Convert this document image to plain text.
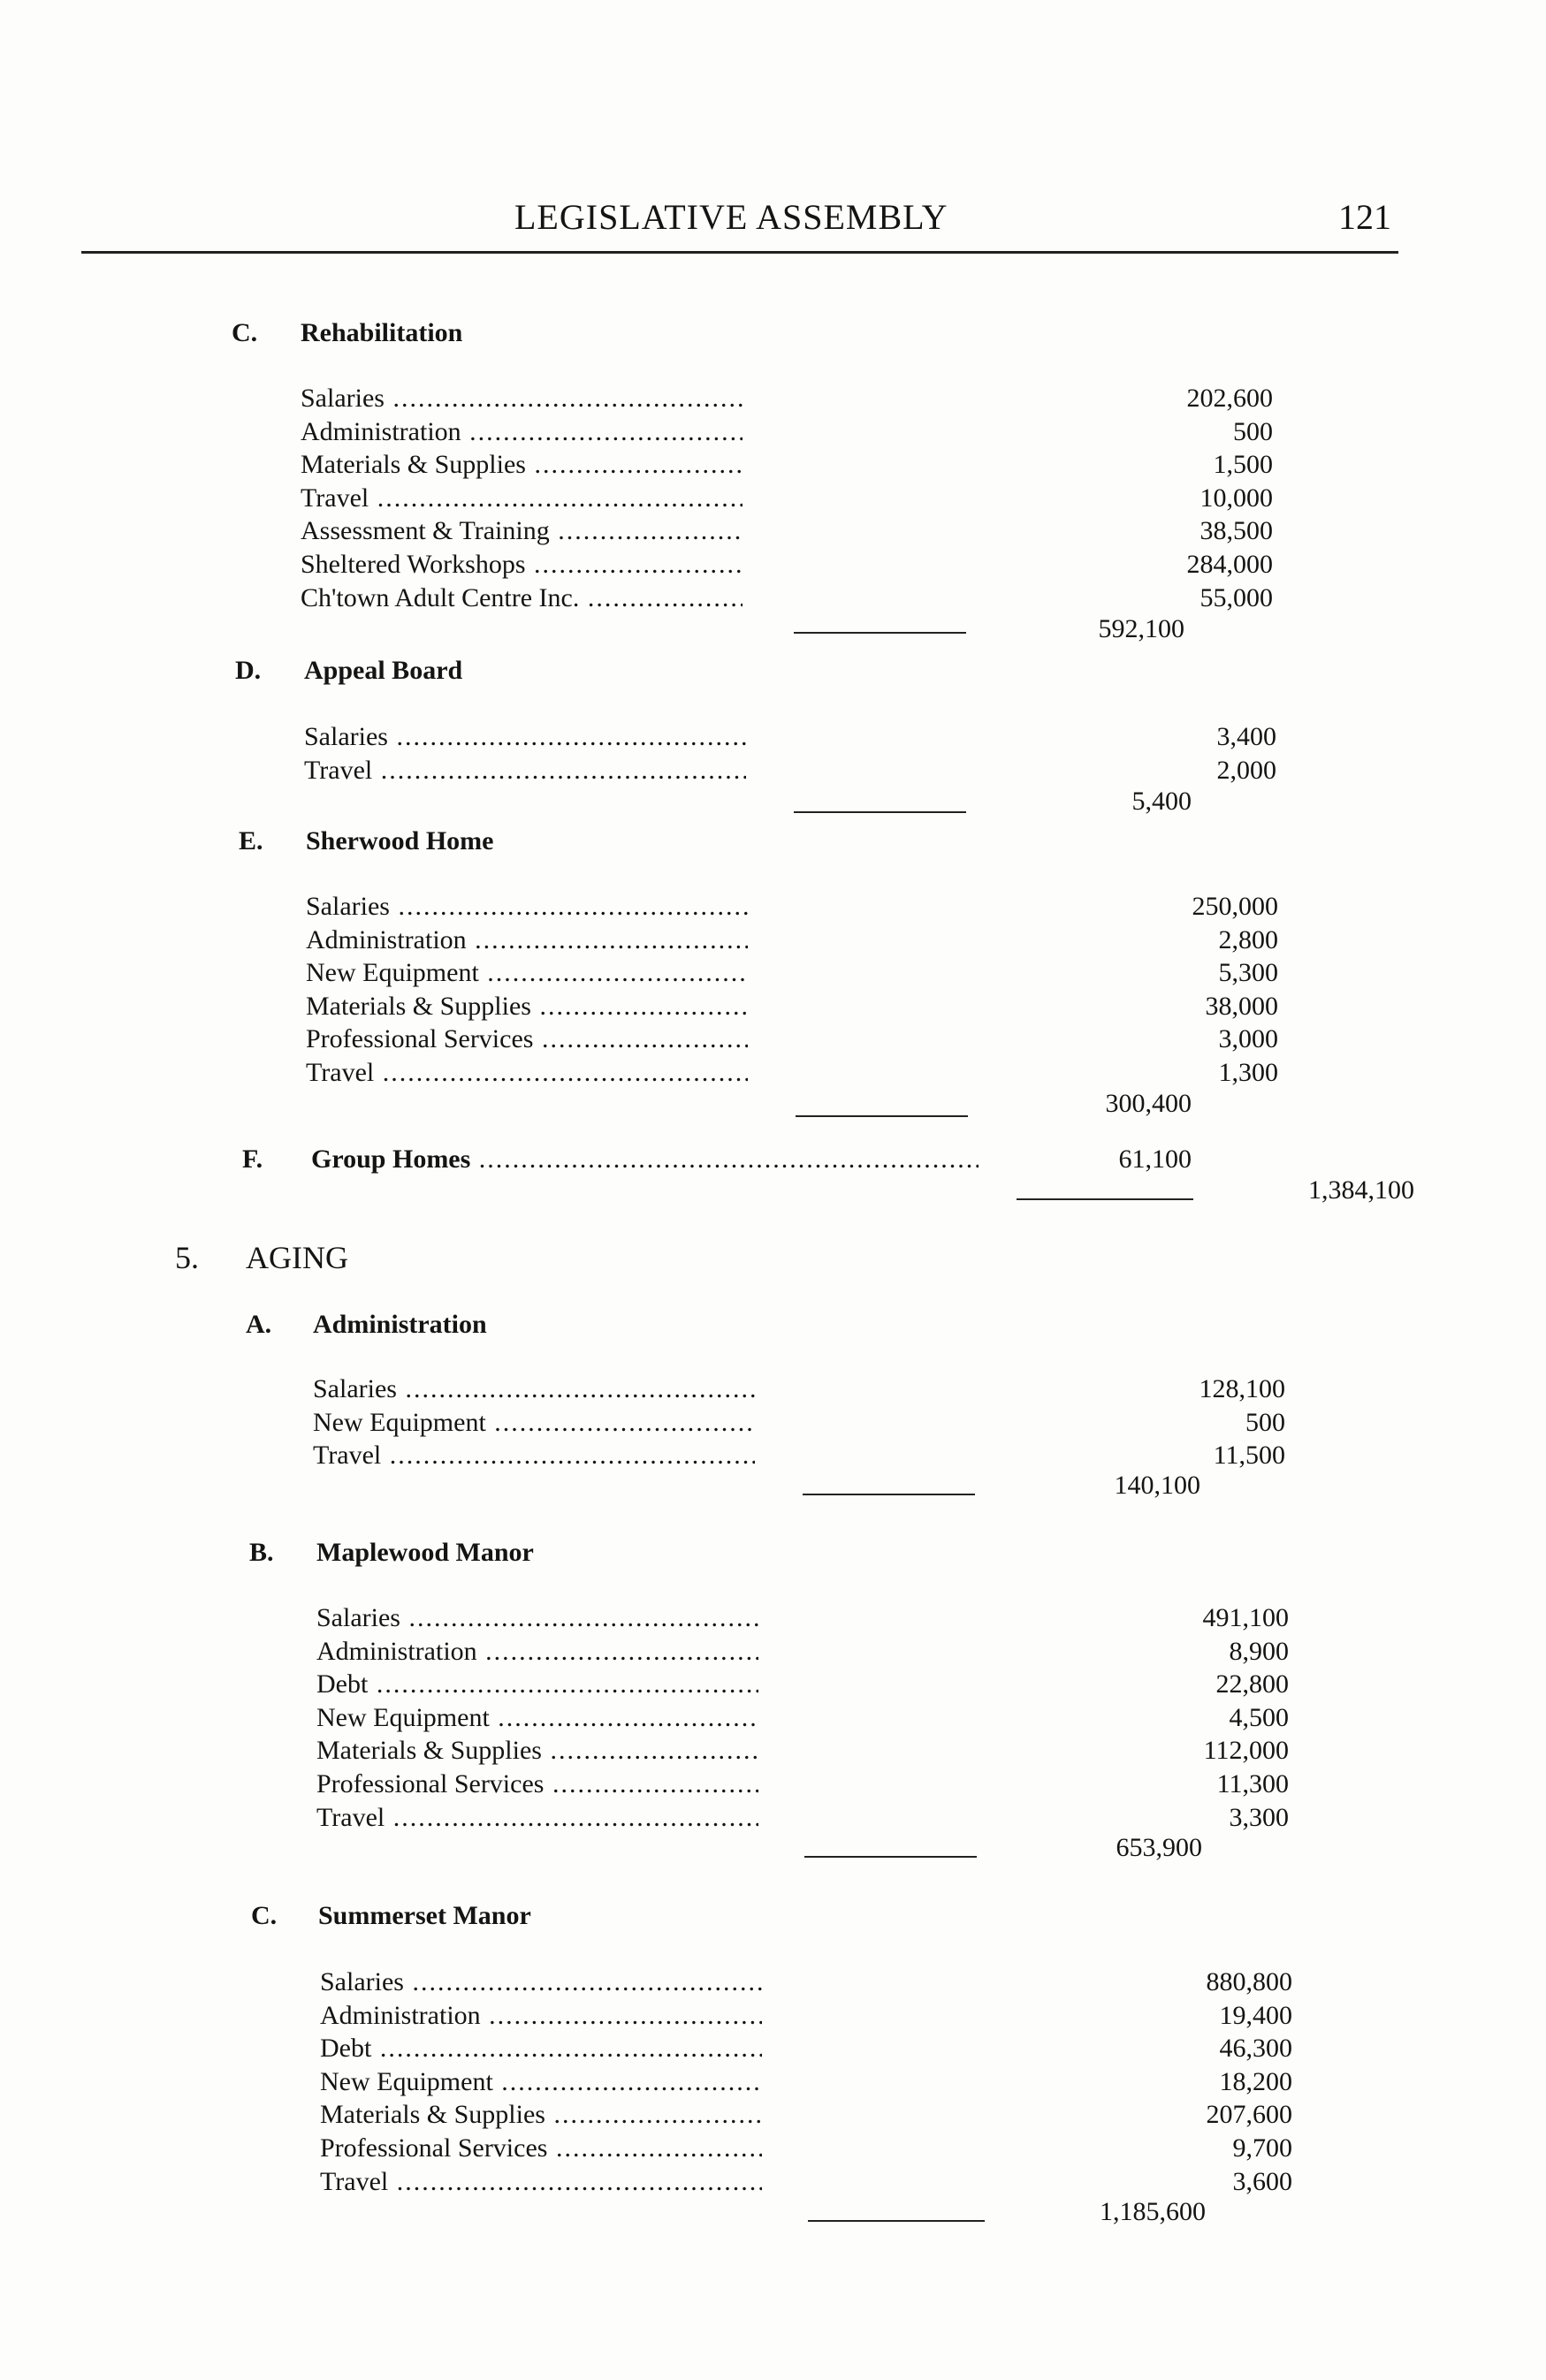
LEGISLATIVE ASSEMBLY	121
C. Rehabilitation
Salaries .....	202,600
Administration .....	500
Materials & Supplies .....	1,500
Travel .....	10,000
Assessment & Training .....	38,500
Sheltered Workshops .....	284,000
Ch'town Adult Centre Inc. .....	55,000
592,100
D. Appeal Board
Salaries .....	3,400
Travel .....	2,000
5,400
E. Sherwood Home
Salaries .....	250,000
Administration .....	2,800
New Equipment .....	5,300
Materials & Supplies .....	38,000
Professional Services .....	3,000
Travel .....	1,300
300,400
F. Group Homes .....	61,100
1,384,100
5. AGING
A. Administration
Salaries .....	128,100
New Equipment .....	500
Travel .....	11,500
140,100
B. Maplewood Manor
Salaries .....	491,100
Administration .....	8,900
Debt .....	22,800
New Equipment .....	4,500
Materials & Supplies .....	112,000
Professional Services .....	11,300
Travel .....	3,300
653,900
C. Summerset Manor
Salaries .....	880,800
Administration .....	19,400
Debt .....	46,300
New Equipment .....	18,200
Materials & Supplies .....	207,600
Professional Services .....	9,700
Travel .....	3,600
1,185,600
